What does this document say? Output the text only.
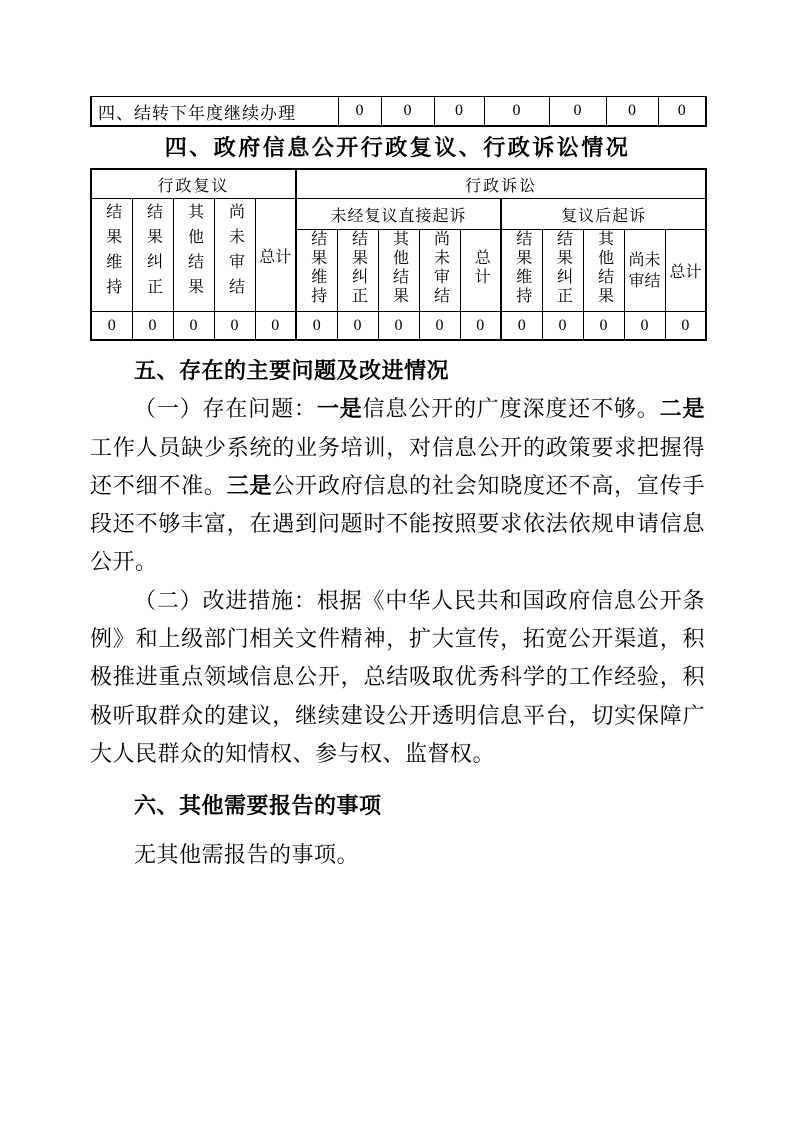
四、结转下年度继续办理	0	0	0	0	0	0	0
四、政府信息公开行政复议、行政诉讼情况
行政复议					行政诉讼									
结果维持	结果纠正	其他结果	尚未审结	总计	未经复议直接起诉					复议后起诉				
					结果维持	结果纠正	其他结果	尚未审结	总计	结果维持	结果纠正	其他结果	尚未审结	总计
0	0	0	0	0	0	0	0	0	0	0	0	0	0	0
五、存在的主要问题及改进情况

（一）存在问题：一是信息公开的广度深度还不够。二是工作人员缺少系统的业务培训，对信息公开的政策要求把握得还不细不准。三是公开政府信息的社会知晓度还不高，宣传手段还不够丰富，在遇到问题时不能按照要求依法依规申请信息公开。

（二）改进措施：根据《中华人民共和国政府信息公开条例》和上级部门相关文件精神，扩大宣传，拓宽公开渠道，积极推进重点领域信息公开，总结吸取优秀科学的工作经验，积极听取群众的建议，继续建设公开透明信息平台，切实保障广大人民群众的知情权、参与权、监督权。

六、其他需要报告的事项

无其他需报告的事项。
